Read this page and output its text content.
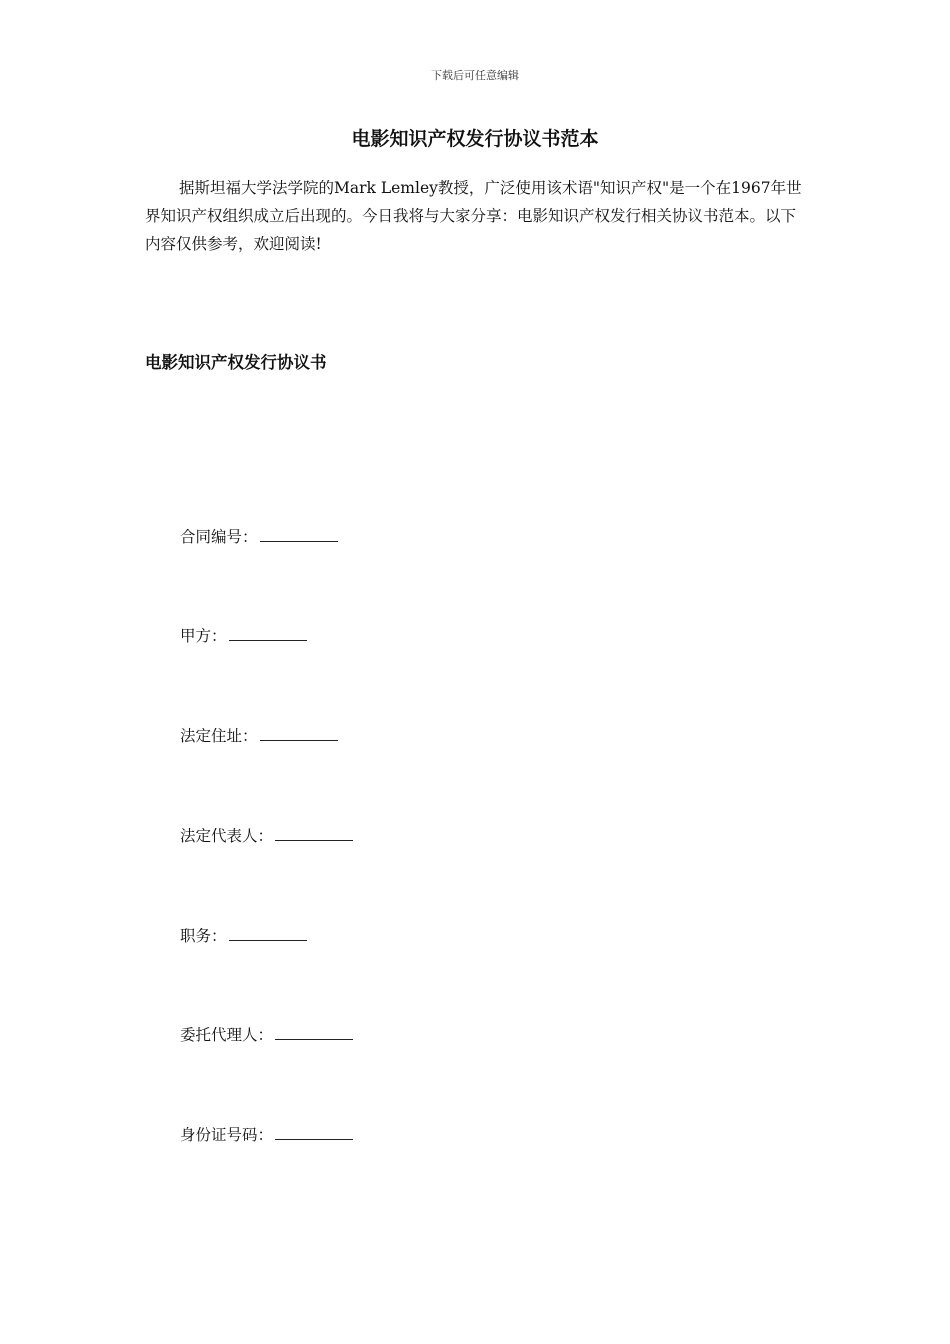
下载后可任意编辑
电影知识产权发行协议书范本

据斯坦福大学法学院的Mark Lemley教授，广泛使用该术语"知识产权"是一个在1967年世界知识产权组织成立后出现的。今日我将与大家分享：电影知识产权发行相关协议书范本。以下内容仅供参考，欢迎阅读!

电影知识产权发行协议书
合同编号：
甲方：
法定住址：
法定代表人：
职务：
委托代理人：
身份证号码：
